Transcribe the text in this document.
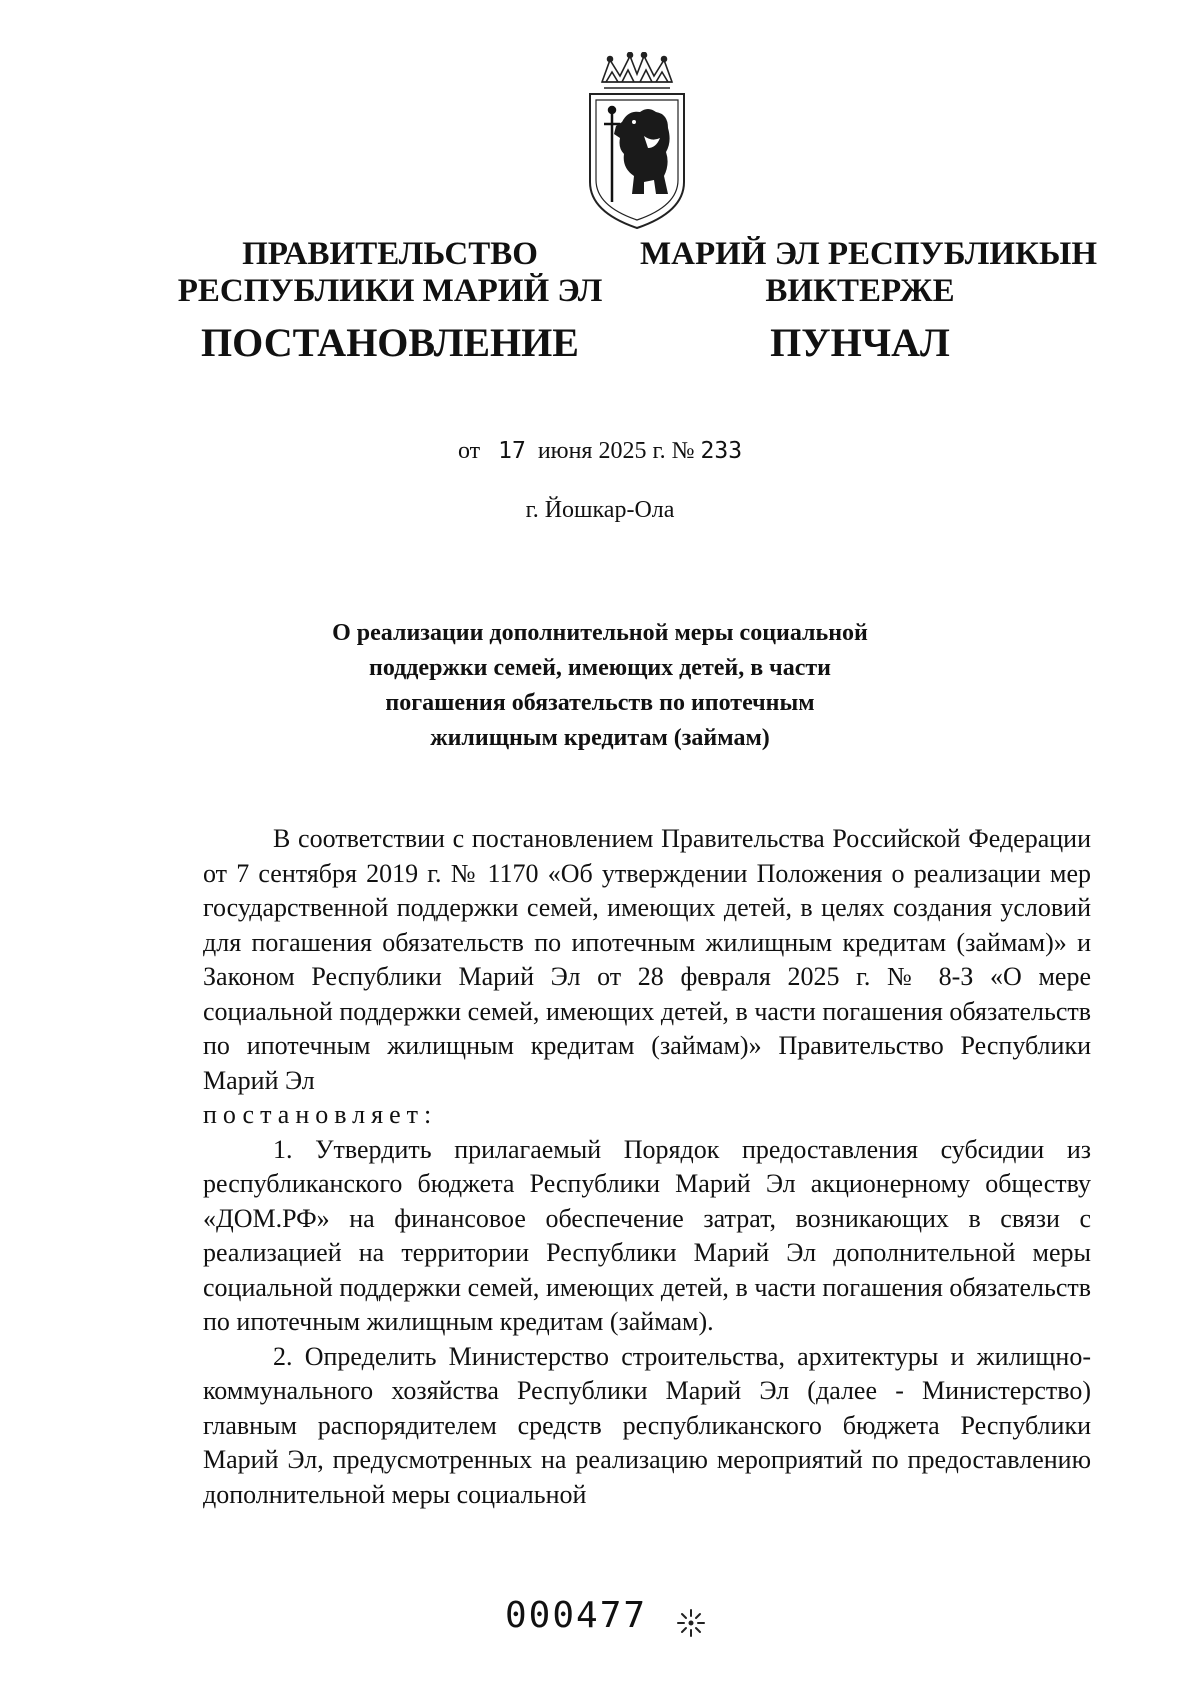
ПРАВИТЕЛЬСТВО
РЕСПУБЛИКИ МАРИЙ ЭЛ
ПОСТАНОВЛЕНИЕ
МАРИЙ ЭЛ РЕСПУБЛИКЫН
ВИКТЕРЖЕ
ПУНЧАЛ
от 17 июня 2025 г. № 233
г. Йошкар-Ола
О реализации дополнительной меры социальной
поддержки семей, имеющих детей, в части
погашения обязательств по ипотечным
жилищным кредитам (займам)

В соответствии с постановлением Правительства Российской Федерации от 7 сентября 2019 г. № 1170 «Об утверждении Положения о реализации мер государственной поддержки семей, имеющих детей, в целях создания условий для погашения обязательств по ипотечным жилищным кредитам (займам)» и Законом Республики Марий Эл от 28 февраля 2025 г. № 8-З «О мере социальной поддержки семей, имеющих детей, в части погашения обязательств по ипотечным жилищным кредитам (займам)» Правительство Республики Марий Эл

постановляет:

1. Утвердить прилагаемый Порядок предоставления субсидии из республиканского бюджета Республики Марий Эл акционерному обществу «ДОМ.РФ» на финансовое обеспечение затрат, возникающих в связи с реализацией на территории Республики Марий Эл дополнительной меры социальной поддержки семей, имеющих детей, в части погашения обязательств по ипотечным жилищным кредитам (займам).

2. Определить Министерство строительства, архитектуры и жилищно-коммунального хозяйства Республики Марий Эл (далее - Министерство) главным распорядителем средств республиканского бюджета Республики Марий Эл, предусмотренных на реализацию мероприятий по предоставлению дополнительной меры социальной

000477
